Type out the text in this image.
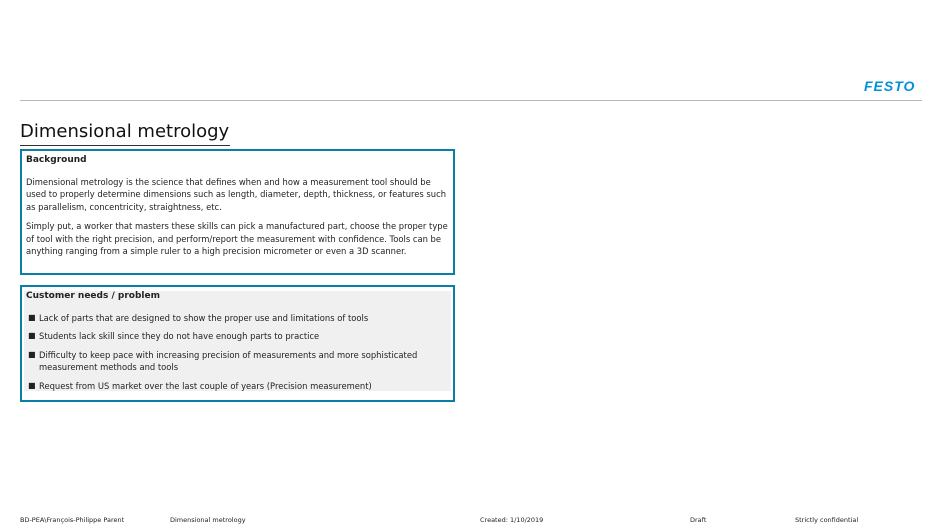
FESTO
Dimensional metrology
Background

Dimensional metrology is the science that defines when and how a measurement tool should be used to properly determine dimensions such as length, diameter, depth, thickness, or features such as parallelism, concentricity, straightness, etc.

Simply put, a worker that masters these skills can pick a manufactured part, choose the proper type of tool with the right precision, and perform/report the measurement with confidence. Tools can be anything ranging from a simple ruler to a high precision micrometer or even a 3D scanner.

Customer needs / problem
■ Lack of parts that are designed to show the proper use and limitations of tools
■ Students lack skill since they do not have enough parts to practice
■ Difficulty to keep pace with increasing precision of measurements and more sophisticated measurement methods and tools
■ Request from US market over the last couple of years (Precision measurement)
BD-PEA\François-Philippe Parent	Dimensional metrology	Created: 1/10/2019	Draft	Strictly confidential
